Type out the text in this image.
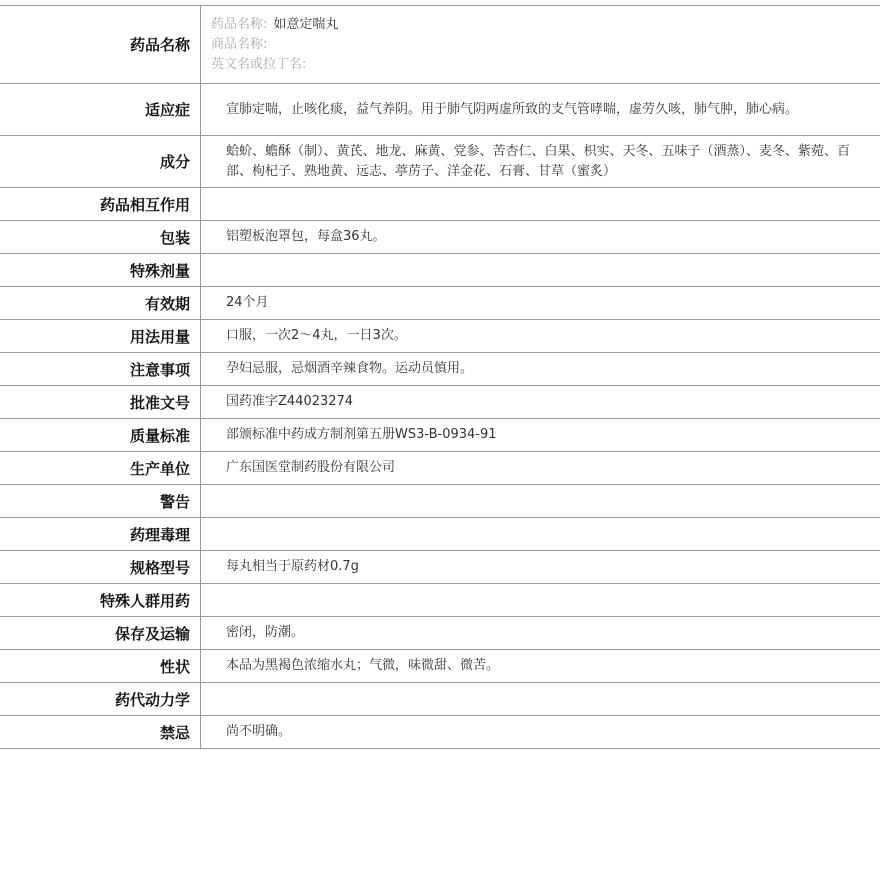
药品名称	药品名称: 如意定喘丸
商品名称:
英文名或拉丁名:

适应症	宣肺定喘，止咳化痰，益气养阴。用于肺气阴两虚所致的支气管哮喘，虚劳久咳，肺气肿，肺心病。
成分	蛤蚧、蟾酥（制）、黄芪、地龙、麻黄、党参、苦杏仁、白果、枳实、天冬、五味子（酒蒸）、麦冬、紫菀、百部、枸杞子、熟地黄、远志、葶苈子、洋金花、石膏、甘草（蜜炙）
药品相互作用	
包装	铝塑板泡罩包，每盒36丸。
特殊剂量	
有效期	24个月
用法用量	口服，一次2～4丸，一日3次。
注意事项	孕妇忌服，忌烟酒辛辣食物。运动员慎用。
批准文号	国药准字Z44023274
质量标准	部颁标准中药成方制剂第五册WS3-B-0934-91
生产单位	广东国医堂制药股份有限公司
警告	
药理毒理	
规格型号	每丸相当于原药材0.7g
特殊人群用药	
保存及运输	密闭，防潮。
性状	本品为黑褐色浓缩水丸；气微，味微甜、微苦。
药代动力学	
禁忌	尚不明确。
